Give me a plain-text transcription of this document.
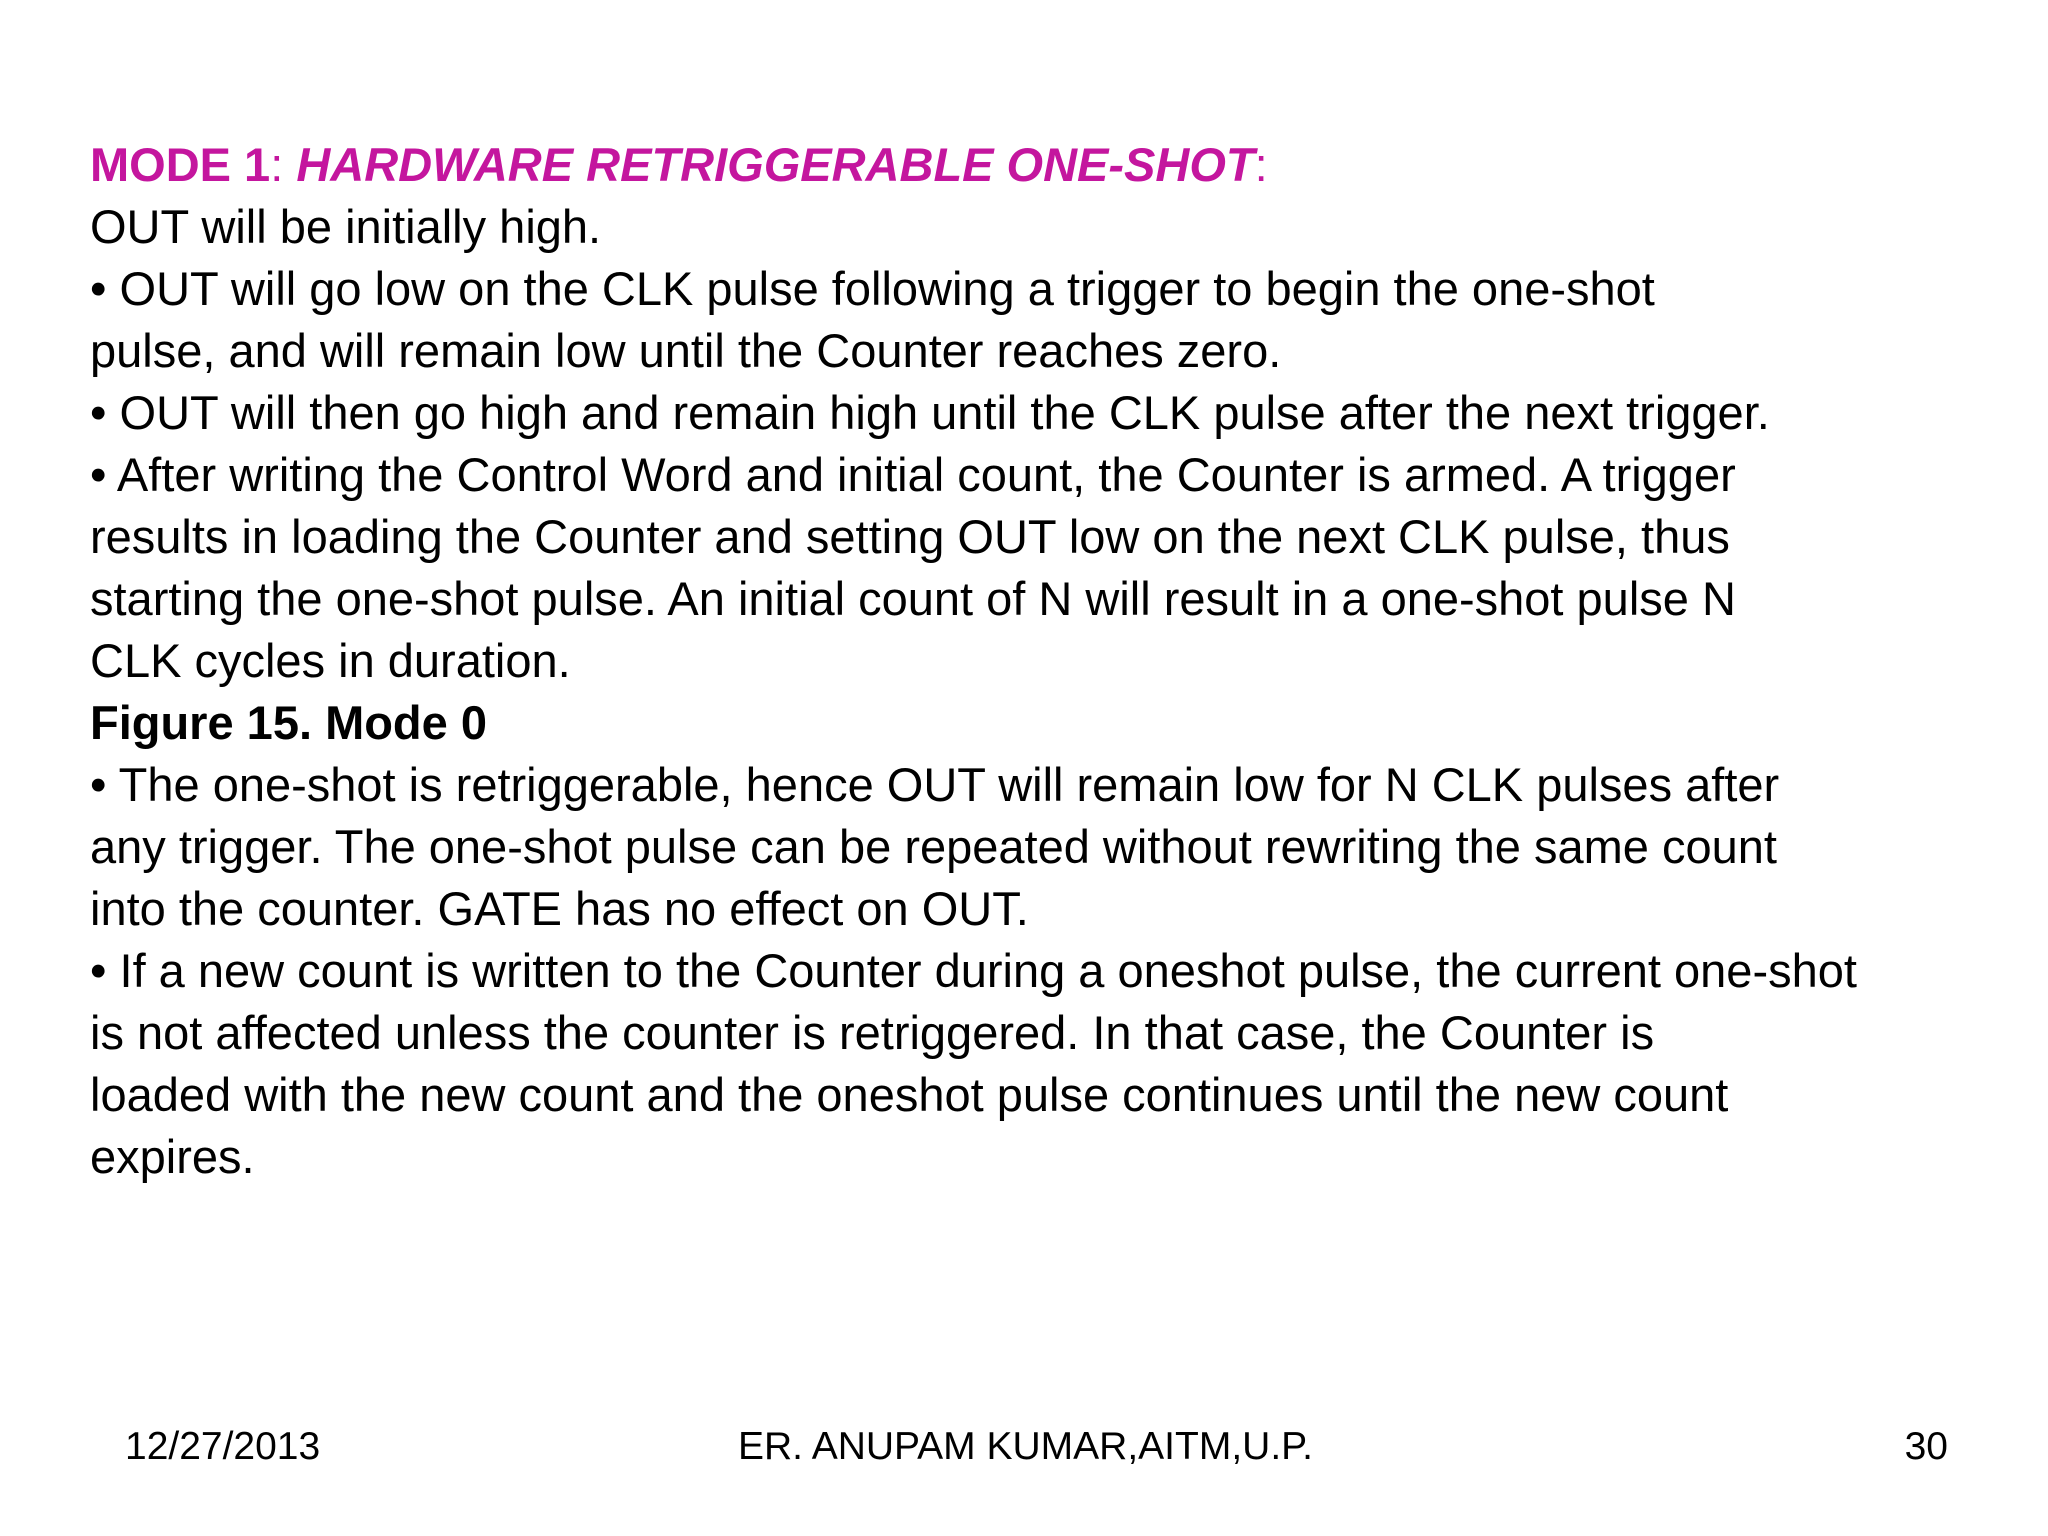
MODE 1: HARDWARE RETRIGGERABLE ONE-SHOT:
OUT will be initially high.
• OUT will go low on the CLK pulse following a trigger to begin the one-shot
pulse, and will remain low until the Counter reaches zero.
• OUT will then go high and remain high until the CLK pulse after the next trigger.
• After writing the Control Word and initial count, the Counter is armed. A trigger
results in loading the Counter and setting OUT low on the next CLK pulse, thus
starting the one-shot pulse. An initial count of N will result in a one-shot pulse N
CLK cycles in duration.
Figure 15. Mode 0
• The one-shot is retriggerable, hence OUT will remain low for N CLK pulses after
any trigger. The one-shot pulse can be repeated without rewriting the same count
into the counter. GATE has no effect on OUT.
• If a new count is written to the Counter during a oneshot pulse, the current one-shot
is not affected unless the counter is retriggered. In that case, the Counter is
loaded with the new count and the oneshot pulse continues until the new count
expires.
12/27/2013	ER. ANUPAM KUMAR,AITM,U.P.	30
